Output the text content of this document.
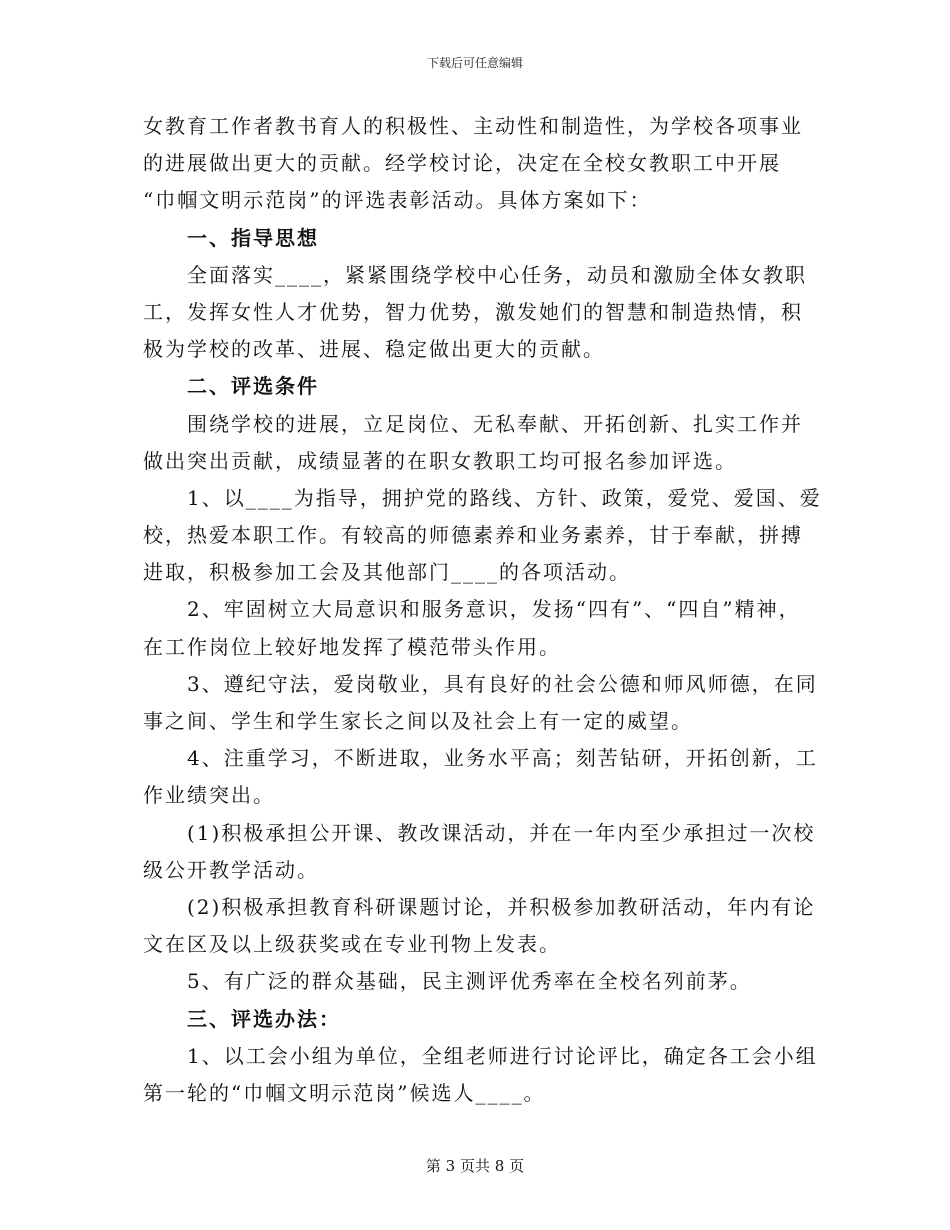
下载后可任意编辑
女教育工作者教书育人的积极性、主动性和制造性，为学校各项事业
的进展做出更大的贡献。经学校讨论，决定在全校女教职工中开展
“巾帼文明示范岗”的评选表彰活动。具体方案如下：
一、指导思想
全面落实____，紧紧围绕学校中心任务，动员和激励全体女教职
工，发挥女性人才优势，智力优势，激发她们的智慧和制造热情，积
极为学校的改革、进展、稳定做出更大的贡献。
二、评选条件
围绕学校的进展，立足岗位、无私奉献、开拓创新、扎实工作并
做出突出贡献，成绩显著的在职女教职工均可报名参加评选。
1、以____为指导，拥护党的路线、方针、政策，爱党、爱国、爱
校，热爱本职工作。有较高的师德素养和业务素养，甘于奉献，拼搏
进取，积极参加工会及其他部门____的各项活动。
2、牢固树立大局意识和服务意识，发扬“四有”、“四自”精神，
在工作岗位上较好地发挥了模范带头作用。
3、遵纪守法，爱岗敬业，具有良好的社会公德和师风师德，在同
事之间、学生和学生家长之间以及社会上有一定的威望。
4、注重学习，不断进取，业务水平高；刻苦钻研，开拓创新，工
作业绩突出。
(1)积极承担公开课、教改课活动，并在一年内至少承担过一次校
级公开教学活动。
(2)积极承担教育科研课题讨论，并积极参加教研活动，年内有论
文在区及以上级获奖或在专业刊物上发表。
5、有广泛的群众基础，民主测评优秀率在全校名列前茅。
三、评选办法：
1、以工会小组为单位，全组老师进行讨论评比，确定各工会小组
第一轮的“巾帼文明示范岗”候选人____。
第 3 页共 8 页
